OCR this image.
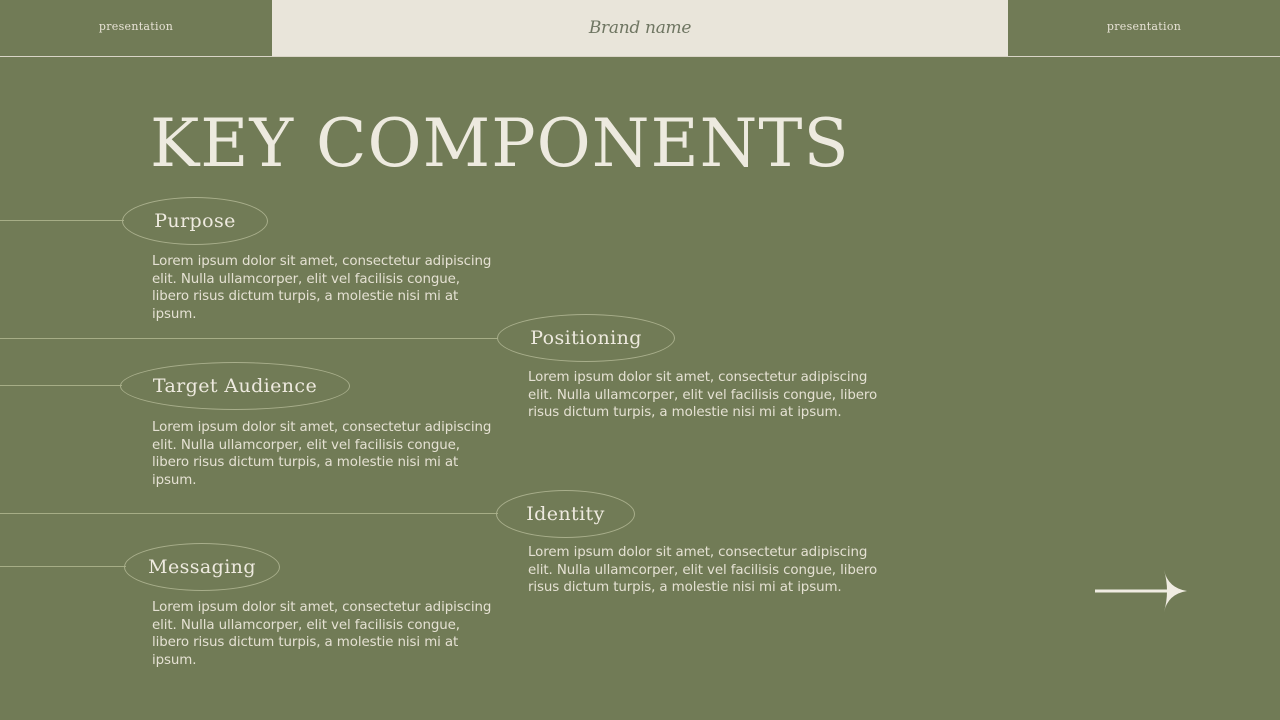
presentation	Brand name	presentation
KEY COMPONENTS
Purpose
Lorem ipsum dolor sit amet, consectetur adipiscing elit. Nulla ullamcorper, elit vel facilisis congue, libero risus dictum turpis, a molestie nisi mi at ipsum.
Positioning
Lorem ipsum dolor sit amet, consectetur adipiscing elit. Nulla ullamcorper, elit vel facilisis congue, libero risus dictum turpis, a molestie nisi mi at ipsum.
Target Audience
Lorem ipsum dolor sit amet, consectetur adipiscing elit. Nulla ullamcorper, elit vel facilisis congue, libero risus dictum turpis, a molestie nisi mi at ipsum.
Identity
Lorem ipsum dolor sit amet, consectetur adipiscing elit. Nulla ullamcorper, elit vel facilisis congue, libero risus dictum turpis, a molestie nisi mi at ipsum.
Messaging
Lorem ipsum dolor sit amet, consectetur adipiscing elit. Nulla ullamcorper, elit vel facilisis congue, libero risus dictum turpis, a molestie nisi mi at ipsum.
